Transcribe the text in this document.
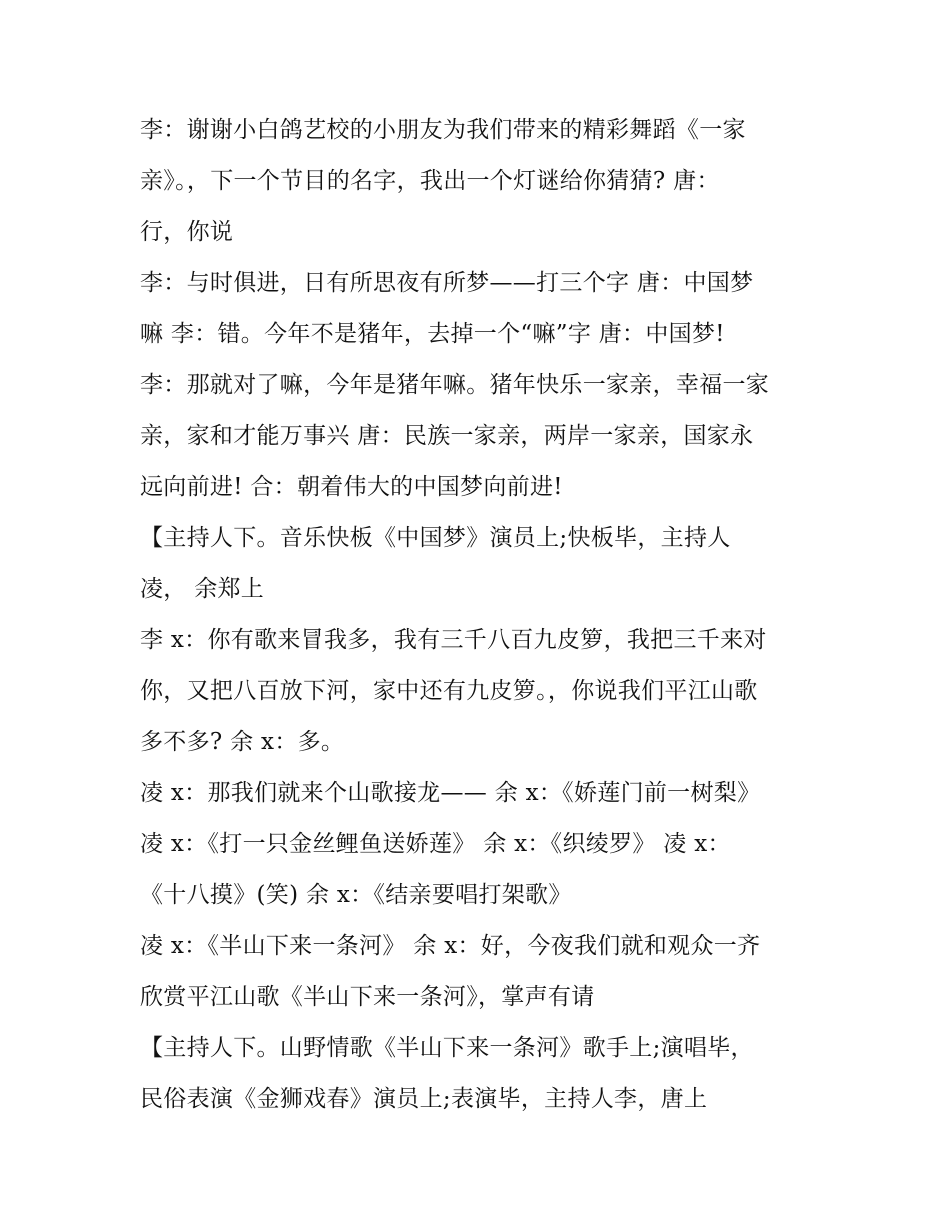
李：谢谢小白鸽艺校的小朋友为我们带来的精彩舞蹈《一家
亲》。，下一个节目的名字，我出一个灯谜给你猜猜? 唐：
行，你说
李：与时俱进，日有所思夜有所梦——打三个字 唐：中国梦
嘛 李：错。今年不是猪年，去掉一个“嘛”字 唐：中国梦!
李：那就对了嘛，今年是猪年嘛。猪年快乐一家亲，幸福一家
亲，家和才能万事兴 唐：民族一家亲，两岸一家亲，国家永
远向前进! 合：朝着伟大的中国梦向前进!
【主持人下。音乐快板《中国梦》演员上;快板毕，主持人
凌， 余郑上
李 x：你有歌来冒我多，我有三千八百九皮箩，我把三千来对
你，又把八百放下河，家中还有九皮箩。，你说我们平江山歌
多不多? 余 x：多。
凌 x：那我们就来个山歌接龙—— 余 x：《娇莲门前一树梨》
凌 x：《打一只金丝鲤鱼送娇莲》 余 x：《织绫罗》 凌 x：
《十八摸》(笑) 余 x：《结亲要唱打架歌》
凌 x：《半山下来一条河》 余 x：好，今夜我们就和观众一齐
欣赏平江山歌《半山下来一条河》，掌声有请
【主持人下。山野情歌《半山下来一条河》歌手上;演唱毕，
民俗表演《金狮戏春》演员上;表演毕，主持人李，唐上
